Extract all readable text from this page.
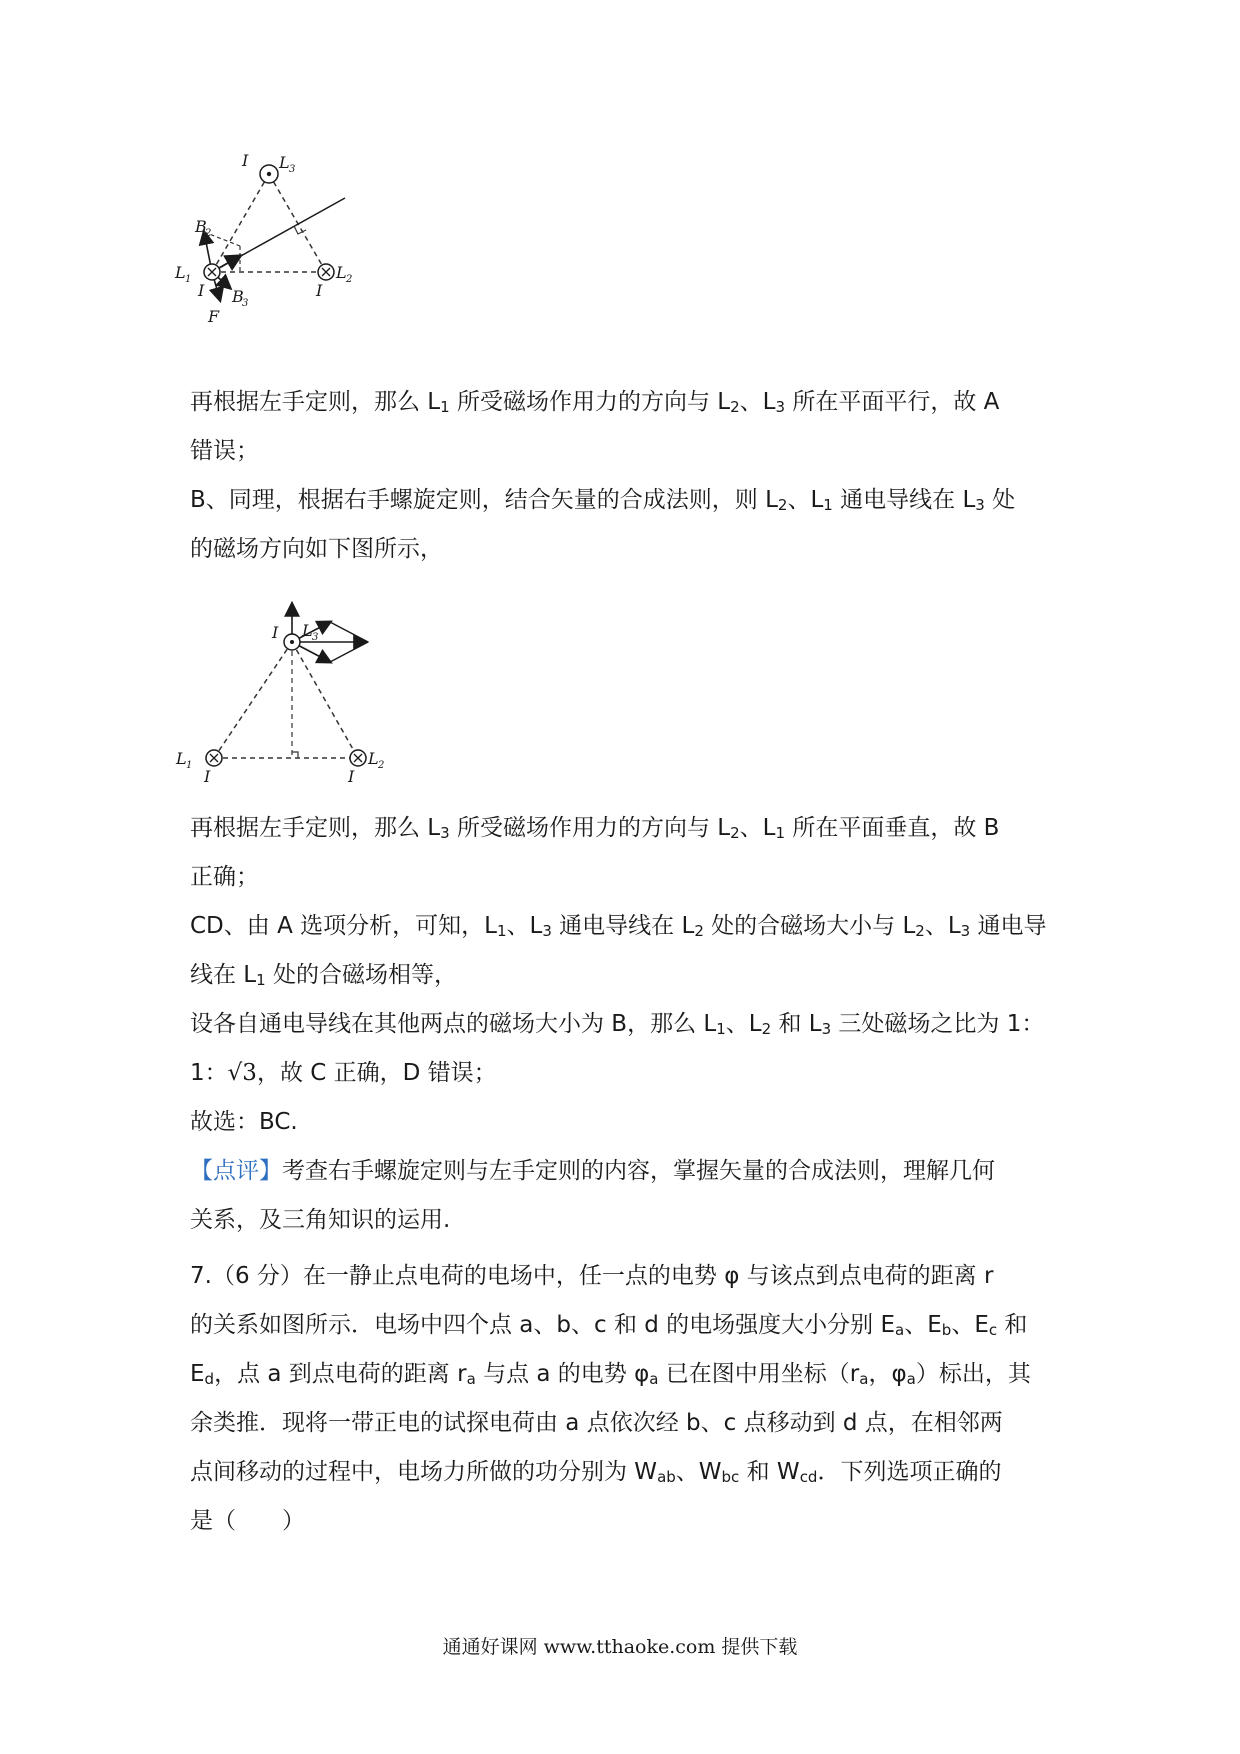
I L 3
B
2
L 1
I B
3
F
L 2
I

再根据左手定则，那么 $L_1$ 所受磁场作用力的方向与 $L_2$、$L_3$ 所在平面平行，故 A
错误；

B、同理，根据右手螺旋定则，结合矢量的合成法则，则 $L_2$、$L_1$ 通电导线在 $L_3$ 处
的磁场方向如下图所示，

I L 3
L 1
I
L 2
I

再根据左手定则，那么 $L_3$ 所受磁场作用力的方向与 $L_2$、$L_1$ 所在平面垂直，故 B
正确；
CD、由 A 选项分析，可知，$L_1$、$L_3$ 通电导线在 $L_2$ 处的合磁场大小与 $L_2$、$L_3$ 通电导
线在 $L_1$ 处的合磁场相等，
设各自通电导线在其他两点的磁场大小为 B，那么 $L_1$、$L_2$ 和 $L_3$ 三处磁场之比为 1：
1：√3，故 C 正确，D 错误；
故选：BC.
【点评】考查右手螺旋定则与左手定则的内容，掌握矢量的合成法则，理解几何
关系，及三角知识的运用.

7.（6 分）在一静止点电荷的电场中，任一点的电势 φ 与该点到点电荷的距离 r
的关系如图所示．电场中四个点 a、b、c 和 d 的电场强度大小分别 $E_a$、$E_b$、$E_c$ 和
$E_d$，点 a 到点电荷的距离 $r_a$ 与点 a 的电势 $\varphi_a$ 已在图中用坐标（$r_a$，$\varphi_a$）标出，其
余类推．现将一带正电的试探电荷由 a 点依次经 b、c 点移动到 d 点，在相邻两
点间移动的过程中，电场力所做的功分别为 $W_{ab}$、$W_{bc}$ 和 $W_{cd}$．下列选项正确的
是（　　）

通通好课网 www.tthaoke.com 提供下载
